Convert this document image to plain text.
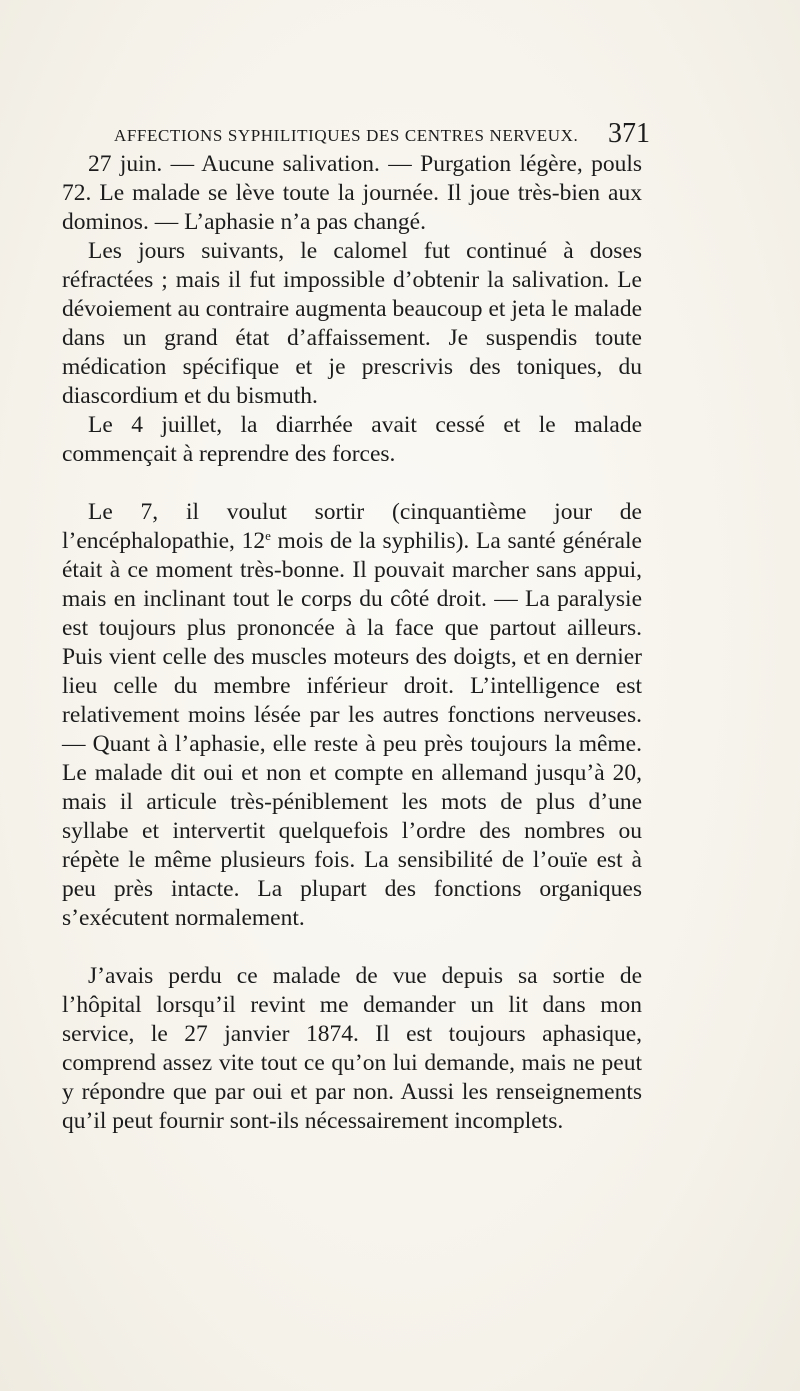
AFFECTIONS SYPHILITIQUES DES CENTRES NERVEUX. 371

27 juin. — Aucune salivation. — Purgation légère, pouls 72. Le malade se lève toute la journée. Il joue très-bien aux dominos. — L’aphasie n’a pas changé.

Les jours suivants, le calomel fut continué à doses réfractées ; mais il fut impossible d’obtenir la salivation. Le dévoiement au contraire augmenta beaucoup et jeta le malade dans un grand état d’affaissement. Je suspendis toute médication spécifique et je prescrivis des toniques, du diascordium et du bismuth.

Le 4 juillet, la diarrhée avait cessé et le malade commençait à reprendre des forces.

Le 7, il voulut sortir (cinquantième jour de l’encéphalopathie, 12e mois de la syphilis). La santé générale était à ce moment très-bonne. Il pouvait marcher sans appui, mais en inclinant tout le corps du côté droit. — La paralysie est toujours plus prononcée à la face que partout ailleurs. Puis vient celle des muscles moteurs des doigts, et en dernier lieu celle du membre inférieur droit. L’intelligence est relativement moins lésée par les autres fonctions nerveuses.— Quant à l’aphasie, elle reste à peu près toujours la même. Le malade dit oui et non et compte en allemand jusqu’à 20, mais il articule très-péniblement les mots de plus d’une syllabe et intervertit quelquefois l’ordre des nombres ou répète le même plusieurs fois. La sensibilité de l’ouïe est à peu près intacte. La plupart des fonctions organiques s’exécutent normalement.

J’avais perdu ce malade de vue depuis sa sortie de l’hôpital lorsqu’il revint me demander un lit dans mon service, le 27 janvier 1874. Il est toujours aphasique, comprend assez vite tout ce qu’on lui demande, mais ne peut y répondre que par oui et par non. Aussi les renseignements qu’il peut fournir sont-ils nécessairement incomplets.
